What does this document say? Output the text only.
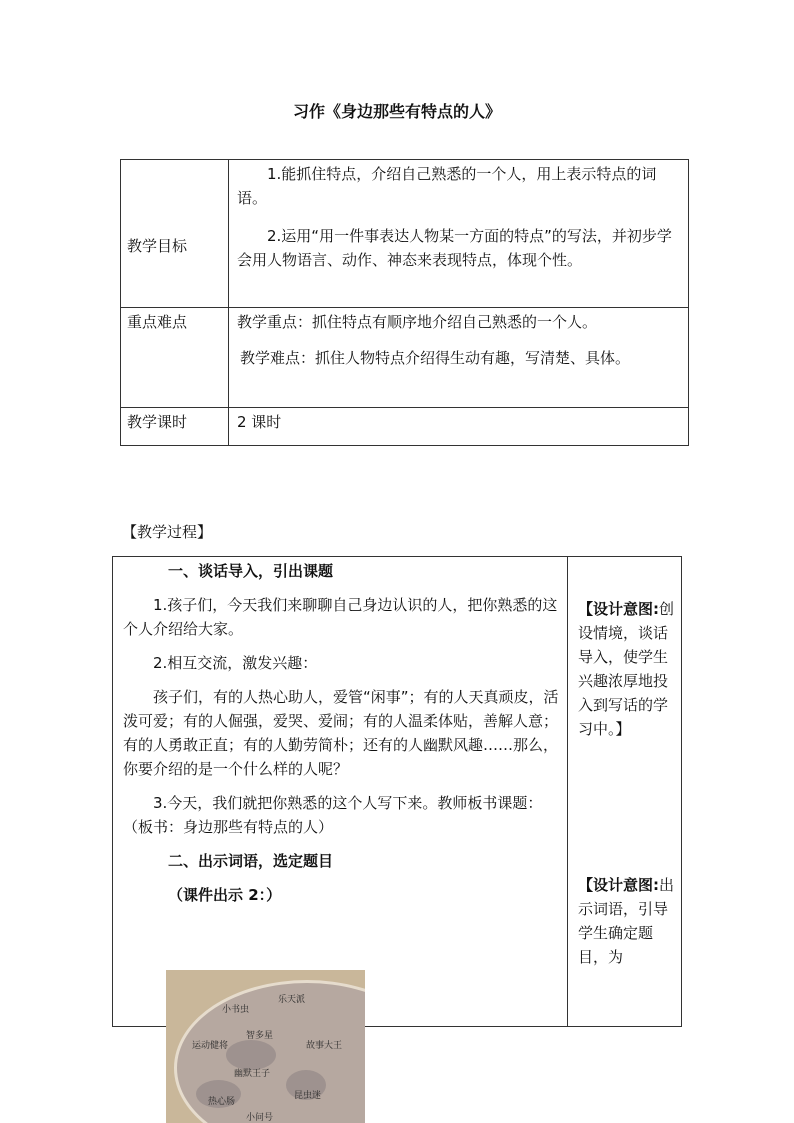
习作《身边那些有特点的人》
教学目标	1.能抓住特点，介绍自己熟悉的一个人，用上表示特点的词语。

2.运用“用一件事表达人物某一方面的特点”的写法，并初步学会用人物语言、动作、神态来表现特点，体现个性。

重点难点	教学重点：抓住特点有顺序地介绍自己熟悉的一个人。

教学难点：抓住人物特点介绍得生动有趣，写清楚、具体。

教学课时	2 课时

【教学过程】

一、谈话导入，引出课题

1.孩子们，今天我们来聊聊自己身边认识的人，把你熟悉的这个人介绍给大家。

2.相互交流，激发兴趣：

孩子们，有的人热心助人，爱管“闲事”；有的人天真顽皮，活泼可爱；有的人倔强，爱哭、爱闹；有的人温柔体贴，善解人意；有的人勇敢正直；有的人勤劳简朴；还有的人幽默风趣……那么，你要介绍的是一个什么样的人呢？

3.今天，我们就把你熟悉的这个人写下来。教师板书课题：（板书：身边那些有特点的人）

二、出示词语，选定题目

（课件出示 2：）

【设计意图:创设情境，谈话导入，使学生兴趣浓厚地投入到写话的学习中。】
【设计意图:出示词语，引导学生确定题目，为
小书虫
乐天派
智多星
运动健将	故事大王
幽默王子
热心肠
昆虫迷
小问号
